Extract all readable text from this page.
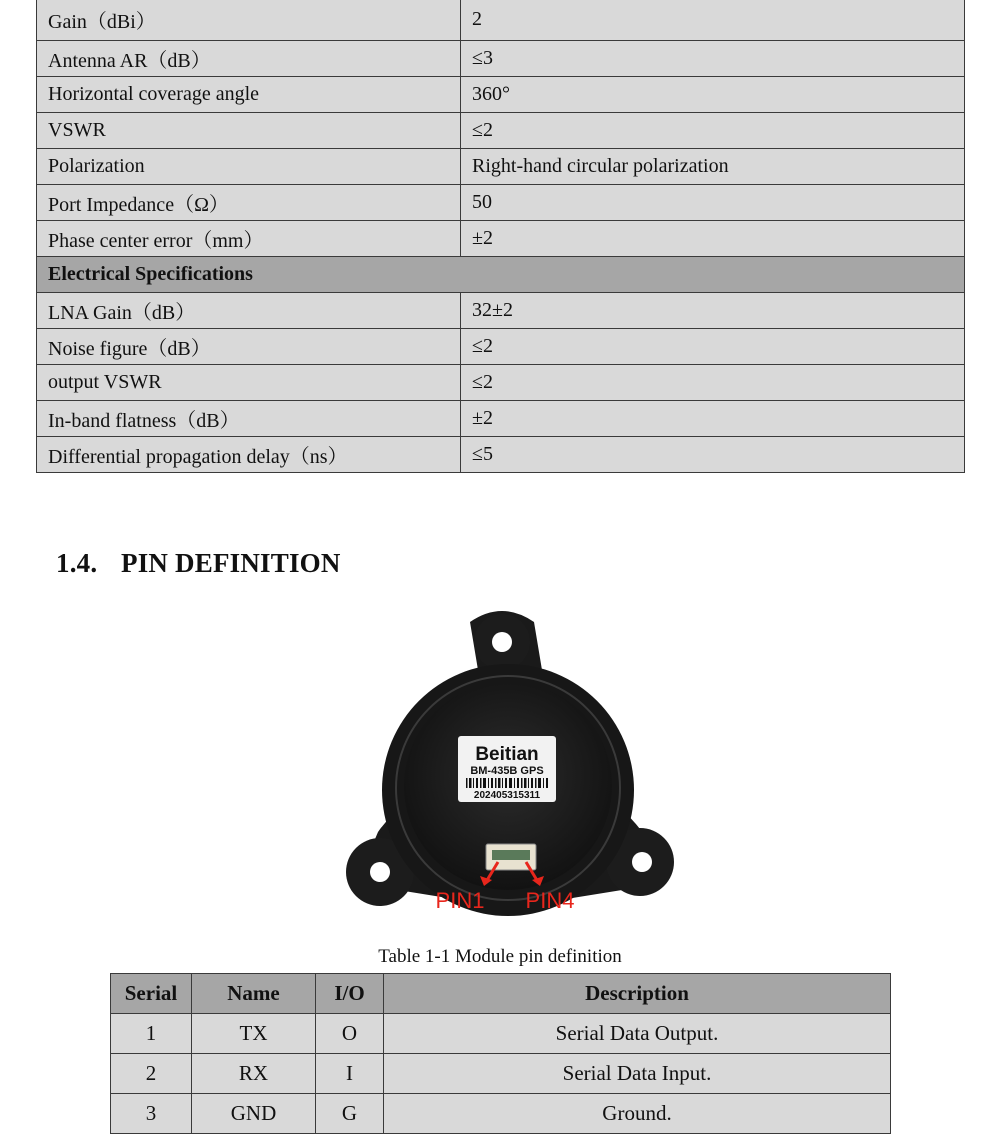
Gain（dBi）	2
Antenna AR（dB）	≤3
Horizontal coverage angle	360°
VSWR	≤2
Polarization	Right-hand circular polarization
Port Impedance（Ω）	50
Phase center error（mm）	±2
Electrical Specifications	
LNA Gain（dB）	32±2
Noise figure（dB）	≤2
output VSWR	≤2
In-band flatness（dB）	±2
Differential propagation delay（ns）	≤5
1.4. PIN DEFINITION
Beitian
BM-435B GPS
202405315311
PIN1 PIN4
Table 1-1 Module pin definition
Serial	Name	I/O	Description
1	TX	O	Serial Data Output.
2	RX	I	Serial Data Input.
3	GND	G	Ground.
